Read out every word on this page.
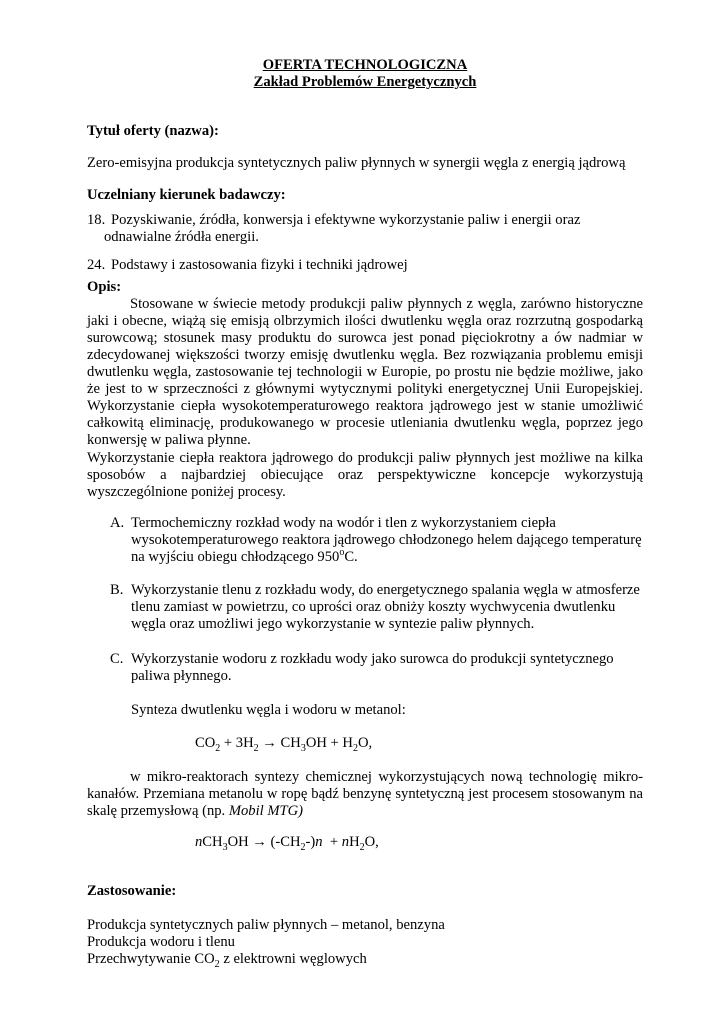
OFERTA TECHNOLOGICZNA
Zakład Problemów Energetycznych
Tytuł oferty (nazwa):
Zero-emisyjna produkcja syntetycznych paliw płynnych w synergii węgla z energią jądrową
Uczelniany kierunek badawczy:
18. Pozyskiwanie, źródła, konwersja i efektywne wykorzystanie paliw i energii oraz
odnawialne źródła energii.
24. Podstawy i zastosowania fizyki i techniki jądrowej
Opis:

Stosowane w świecie metody produkcji paliw płynnych z węgla, zarówno historyczne jaki i obecne, wiążą się emisją olbrzymich ilości dwutlenku węgla oraz rozrzutną gospodarką surowcową; stosunek masy produktu do surowca jest ponad pięciokrotny a ów nadmiar w zdecydowanej większości tworzy emisję dwutlenku węgla. Bez rozwiązania problemu emisji dwutlenku węgla, zastosowanie tej technologii w Europie, po prostu nie będzie możliwe, jako że jest to w sprzeczności z głównymi wytycznymi polityki energetycznej Unii Europejskiej. Wykorzystanie ciepła wysokotemperaturowego reaktora jądrowego jest w stanie umożliwić całkowitą eliminację, produkowanego w procesie utleniania dwutlenku węgla, poprzez jego konwersję w paliwa płynne.

Wykorzystanie ciepła reaktora jądrowego do produkcji paliw płynnych jest możliwe na kilka sposobów a najbardziej obiecujące oraz perspektywiczne koncepcje wykorzystują wyszczególnione poniżej procesy.

A. Termochemiczny rozkład wody na wodór i tlen z wykorzystaniem ciepła wysokotemperaturowego reaktora jądrowego chłodzonego helem dającego temperaturę na wyjściu obiegu chłodzącego 950$^o$C.
B. Wykorzystanie tlenu z rozkładu wody, do energetycznego spalania węgla w atmosferze tlenu zamiast w powietrzu, co uprości oraz obniży koszty wychwycenia dwutlenku węgla oraz umożliwi jego wykorzystanie w syntezie paliw płynnych.
C. Wykorzystanie wodoru z rozkładu wody jako surowca do produkcji syntetycznego paliwa płynnego.
Synteza dwutlenku węgla i wodoru w metanol:
$CO_2 + 3H_2 \to CH_3OH + H_2O$,

w mikro-reaktorach syntezy chemicznej wykorzystujących nową technologię mikro-kanałów. Przemiana metanolu w ropę bądź benzynę syntetyczną jest procesem stosowanym na skalę przemysłową (np. Mobil MTG)

$nCH_3OH \to (-CH_2-)n + nH_2O$,
Zastosowanie:
Produkcja syntetycznych paliw płynnych – metanol, benzyna
Produkcja wodoru i tlenu
Przechwytywanie $CO_2$ z elektrowni węglowych
